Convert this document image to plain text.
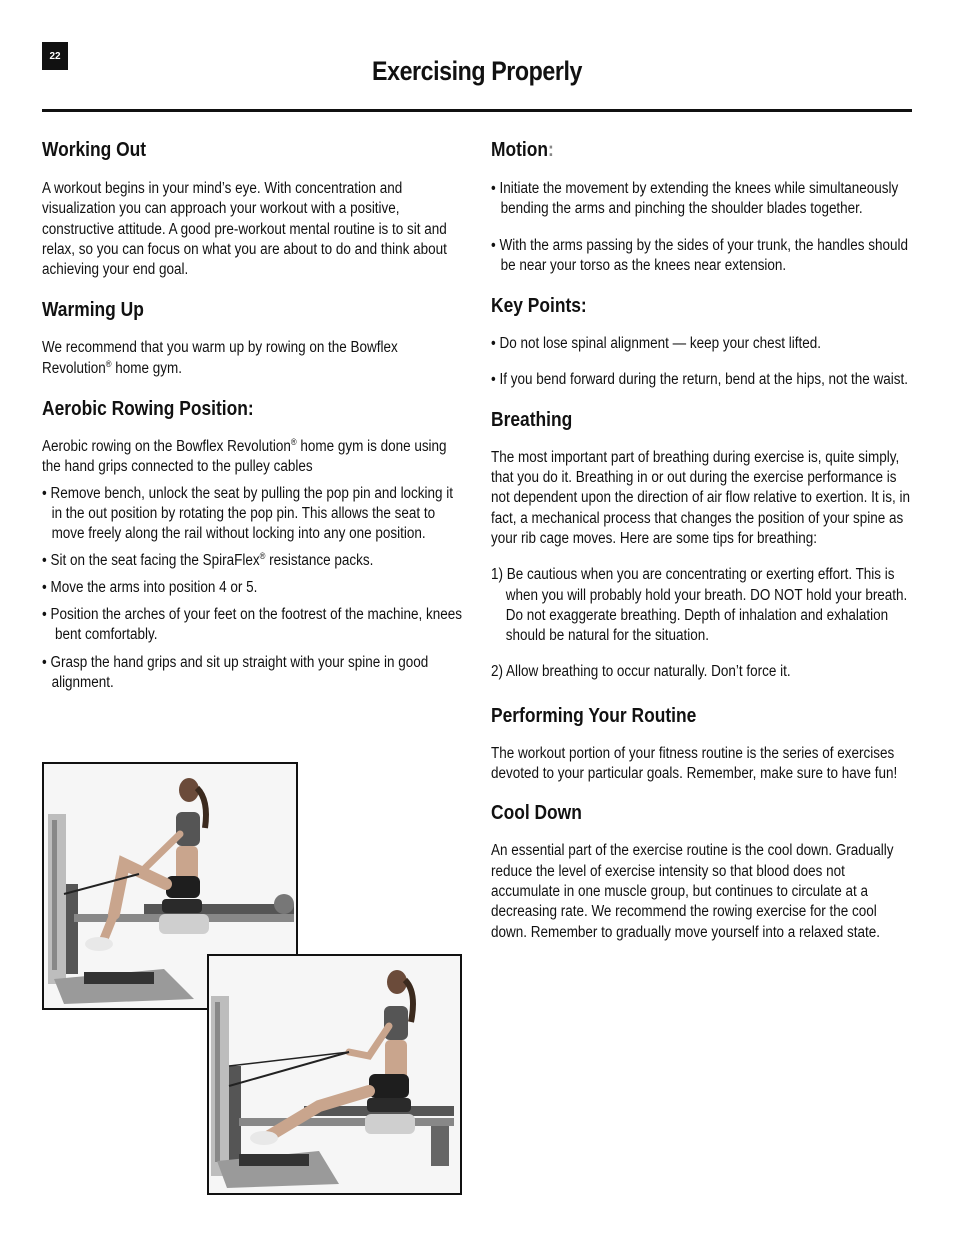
22	Exercising Properly
Working Out

A workout begins in your mind’s eye. With concentration and visualization you can approach your workout with a positive, constructive attitude. A good pre-workout mental routine is to sit and relax, so you can focus on what you are about to do and think about achieving your end goal.

Warming Up

We recommend that you warm up by rowing on the Bowflex Revolution® home gym.

Aerobic Rowing Position:

Aerobic rowing on the Bowflex Revolution® home gym is done using the hand grips connected to the pulley cables

• Remove bench, unlock the seat by pulling the pop pin and locking it in the out position by rotating the pop pin. This allows the seat to move freely along the rail without locking into any one position.

• Sit on the seat facing the SpiraFlex® resistance packs.

• Move the arms into position 4 or 5.

• Position the arches of your feet on the footrest of the machine, knees bent comfortably.

• Grasp the hand grips and sit up straight with your spine in good alignment.

Motion:

• Initiate the movement by extending the knees while simultaneously bending the arms and pinching the shoulder blades together.

• With the arms passing by the sides of your trunk, the handles should be near your torso as the knees near extension.

Key Points:

• Do not lose spinal alignment — keep your chest lifted.

• If you bend forward during the return, bend at the hips, not the waist.

Breathing

The most important part of breathing during exercise is, quite simply, that you do it. Breathing in or out during the exercise performance is not dependent upon the direction of air flow relative to exertion. It is, in fact, a mechanical process that changes the position of your spine as your rib cage moves. Here are some tips for breathing:

1) Be cautious when you are concentrating or exerting effort. This is when you will probably hold your breath. DO NOT hold your breath. Do not exaggerate breathing. Depth of inhalation and exhalation should be natural for the situation.

2) Allow breathing to occur naturally. Don’t force it.

Performing Your Routine

The workout portion of your fitness routine is the series of exercises devoted to your particular goals. Remember, make sure to have fun!

Cool Down

An essential part of the exercise routine is the cool down. Gradually reduce the level of exercise intensity so that blood does not accumulate in one muscle group, but continues to circulate at a decreasing rate. We recommend the rowing exercise for the cool down. Remember to gradually move yourself into a relaxed state.
